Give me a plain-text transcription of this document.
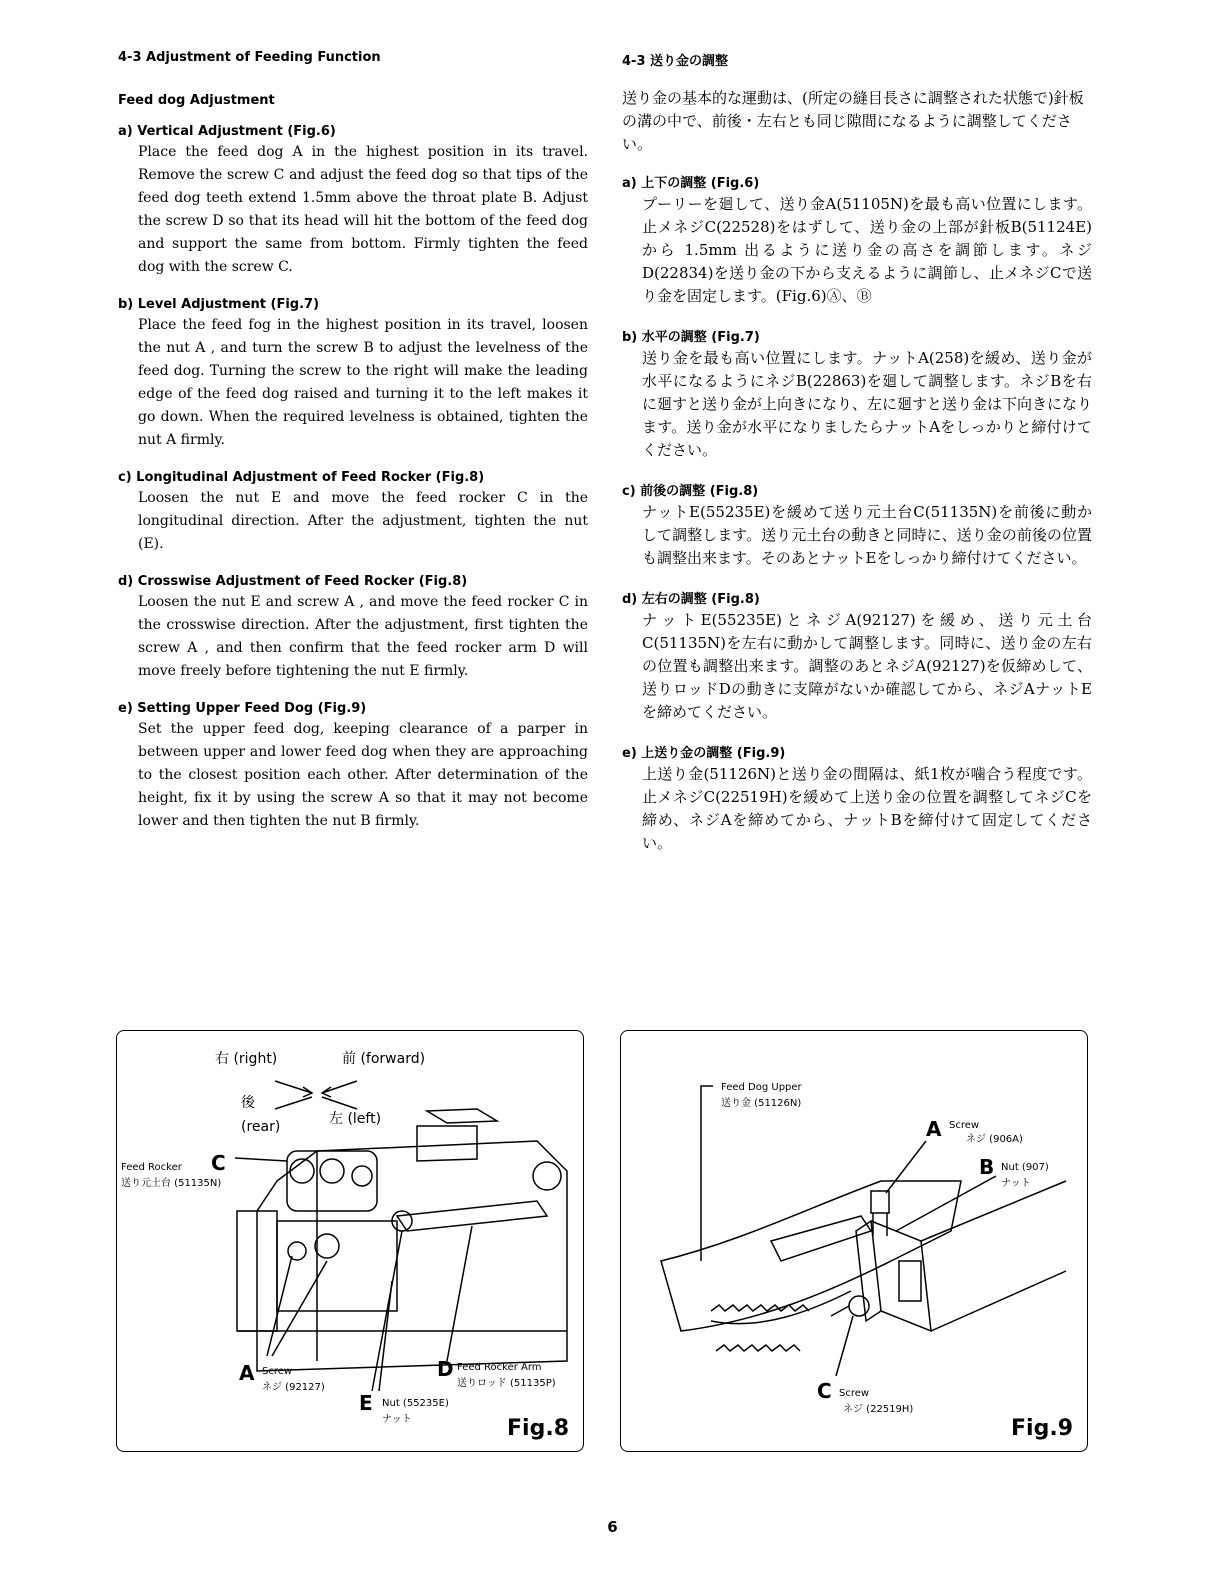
4-3 Adjustment of Feeding Function
Feed dog Adjustment
a) Vertical Adjustment (Fig.6)
Place the feed dog A in the highest position in its travel. Remove the screw C and adjust the feed dog so that tips of the feed dog teeth extend 1.5mm above the throat plate B. Adjust the screw D so that its head will hit the bottom of the feed dog and support the same from bottom. Firmly tighten the feed dog with the screw C.
b) Level Adjustment (Fig.7)
Place the feed fog in the highest position in its travel, loosen the nut A , and turn the screw B to adjust the levelness of the feed dog. Turning the screw to the right will make the leading edge of the feed dog raised and turning it to the left makes it go down. When the required levelness is obtained, tighten the nut A firmly.
c) Longitudinal Adjustment of Feed Rocker (Fig.8)
Loosen the nut E and move the feed rocker C in the longitudinal direction. After the adjustment, tighten the nut (E).
d) Crosswise Adjustment of Feed Rocker (Fig.8)
Loosen the nut E and screw A , and move the feed rocker C in the crosswise direction. After the adjustment, first tighten the screw A , and then confirm that the feed rocker arm D will move freely before tightening the nut E firmly.
e) Setting Upper Feed Dog (Fig.9)
Set the upper feed dog, keeping clearance of a parper in between upper and lower feed dog when they are approaching to the closest position each other. After determination of the height, fix it by using the screw A so that it may not become lower and then tighten the nut B firmly.
4-3 送り金の調整
送り金の基本的な運動は、(所定の縫目長さに調整された状態で)針板の溝の中で、前後・左右とも同じ隙間になるように調整してください。
a) 上下の調整 (Fig.6)
プーリーを廻して、送り金A(51105N)を最も高い位置にします。止メネジC(22528)をはずして、送り金の上部が針板B(51124E)から 1.5mm 出るように送り金の高さを調節します。ネジD(22834)を送り金の下から支えるように調節し、止メネジCで送り金を固定します。(Fig.6)Ⓐ、Ⓑ
b) 水平の調整 (Fig.7)
送り金を最も高い位置にします。ナットA(258)を緩め、送り金が水平になるようにネジB(22863)を廻して調整します。ネジBを右に廻すと送り金が上向きになり、左に廻すと送り金は下向きになります。送り金が水平になりましたらナットAをしっかりと締付けてください。
c) 前後の調整 (Fig.8)
ナットE(55235E)を緩めて送り元土台C(51135N)を前後に動かして調整します。送り元土台の動きと同時に、送り金の前後の位置も調整出来ます。そのあとナットEをしっかり締付けてください。
d) 左右の調整 (Fig.8)
ナットE(55235E)とネジA(92127)を緩め、送り元土台C(51135N)を左右に動かして調整します。同時に、送り金の左右の位置も調整出来ます。調整のあとネジA(92127)を仮締めして、送りロッドDの動きに支障がないか確認してから、ネジAナットEを締めてください。
e) 上送り金の調整 (Fig.9)
上送り金(51126N)と送り金の間隔は、紙1枚が噛合う程度です。止メネジC(22519H)を緩めて上送り金の位置を調整してネジCを締め、ネジAを締めてから、ナットBを締付けて固定してください。
右 (right)	前 (forward)
後
(rear)	左 (left)
C
Feed Rocker
送り元土台 (51135N)
A Screw
ネジ (92127)
E Nut (55235E)
ナット
D Feed Rocker Arm
送りロッド (51135P)
Fig.8
Feed Dog Upper
送り金 (51126N)
A Screw
ネジ (906A)
B Nut (907)
ナット
C Screw
ネジ (22519H)
Fig.9
6
